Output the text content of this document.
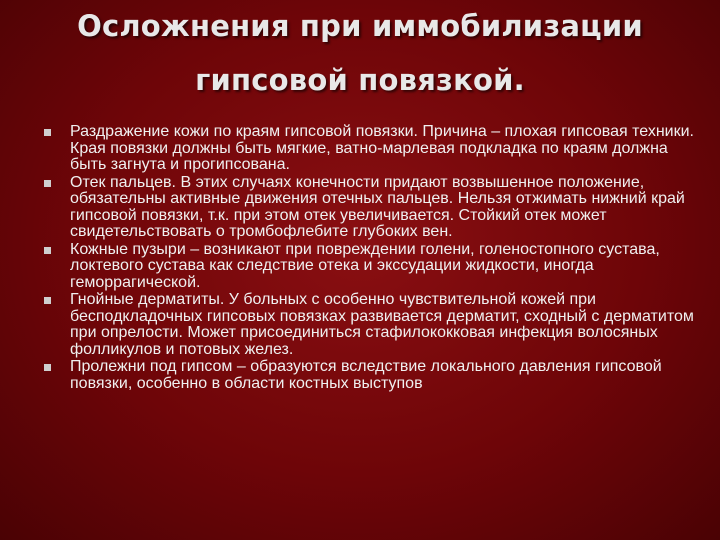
Осложнения при иммобилизации
гипсовой повязкой.
Раздражение кожи по краям гипсовой повязки. Причина – плохая гипсовая техники. Края повязки должны быть мягкие, ватно-марлевая подкладка по краям должна быть загнута и прогипсована.
Отек пальцев. В этих случаях конечности придают возвышенное положение, обязательны активные движения отечных пальцев. Нельзя отжимать нижний край гипсовой повязки, т.к. при этом отек увеличивается. Стойкий отек может свидетельствовать о тромбофлебите глубоких вен.
Кожные пузыри – возникают при повреждении голени, голеностопного сустава, локтевого сустава как следствие отека и экссудации жидкости, иногда геморрагической.
Гнойные дерматиты. У больных с особенно чувствительной кожей при бесподкладочных гипсовых повязках развивается дерматит, сходный с дерматитом при опрелости. Может присоединиться стафилококковая инфекция волосяных фолликулов и потовых желез.
Пролежни под гипсом – образуются вследствие локального давления гипсовой повязки, особенно в области костных выступов
